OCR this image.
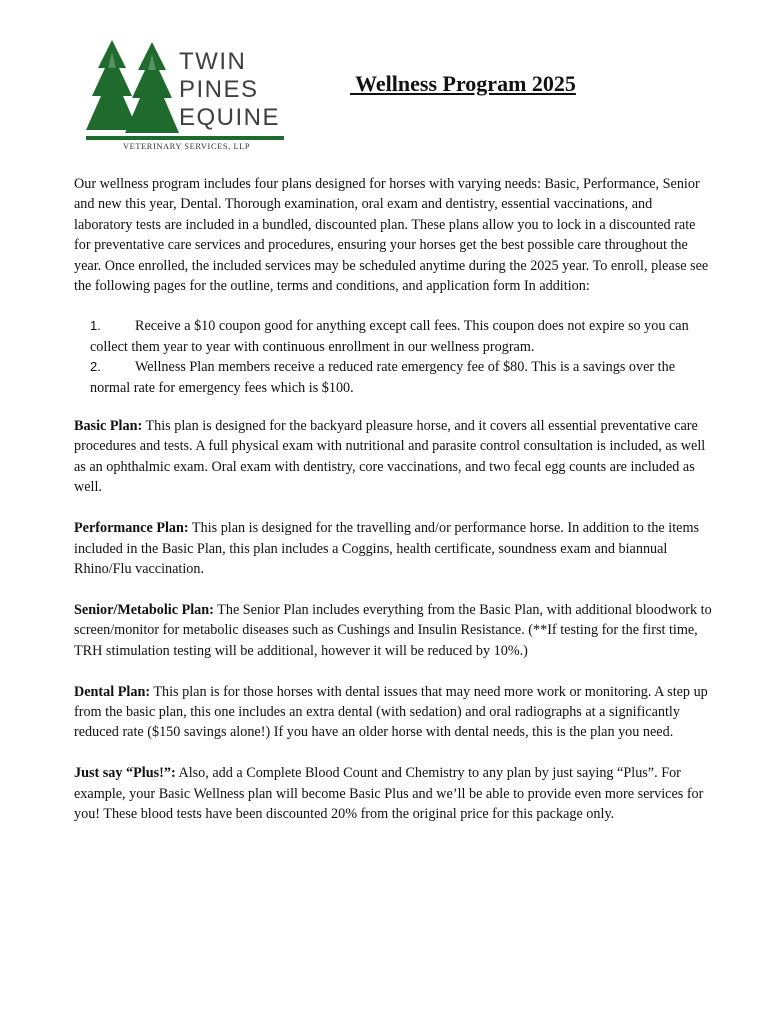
TWIN
PINES
EQUINE
VETERINARY SERVICES, LLP
Wellness Program 2025

Our wellness program includes four plans designed for horses with varying needs: Basic, Performance, Senior and new this year, Dental. Thorough examination, oral exam and dentistry, essential vaccinations, and laboratory tests are included in a bundled, discounted plan. These plans allow you to lock in a discounted rate for preventative care services and procedures, ensuring your horses get the best possible care throughout the year. Once enrolled, the included services may be scheduled anytime during the 2025 year. To enroll, please see the following pages for the outline, terms and conditions, and application form In addition:

1. Receive a $10 coupon good for anything except call fees. This coupon does not expire so you can collect them year to year with continuous enrollment in our wellness program.
2. Wellness Plan members receive a reduced rate emergency fee of $80. This is a savings over the normal rate for emergency fees which is $100.

Basic Plan: This plan is designed for the backyard pleasure horse, and it covers all essential preventative care procedures and tests. A full physical exam with nutritional and parasite control consultation is included, as well as an ophthalmic exam. Oral exam with dentistry, core vaccinations, and two fecal egg counts are included as well.

Performance Plan: This plan is designed for the travelling and/or performance horse. In addition to the items included in the Basic Plan, this plan includes a Coggins, health certificate, soundness exam and biannual Rhino/Flu vaccination.

Senior/Metabolic Plan: The Senior Plan includes everything from the Basic Plan, with additional bloodwork to screen/monitor for metabolic diseases such as Cushings and Insulin Resistance. (**If testing for the first time, TRH stimulation testing will be additional, however it will be reduced by 10%.)

Dental Plan: This plan is for those horses with dental issues that may need more work or monitoring. A step up from the basic plan, this one includes an extra dental (with sedation) and oral radiographs at a significantly reduced rate ($150 savings alone!) If you have an older horse with dental needs, this is the plan you need.

Just say “Plus!”: Also, add a Complete Blood Count and Chemistry to any plan by just saying “Plus”. For example, your Basic Wellness plan will become Basic Plus and we’ll be able to provide even more services for you! These blood tests have been discounted 20% from the original price for this package only.
